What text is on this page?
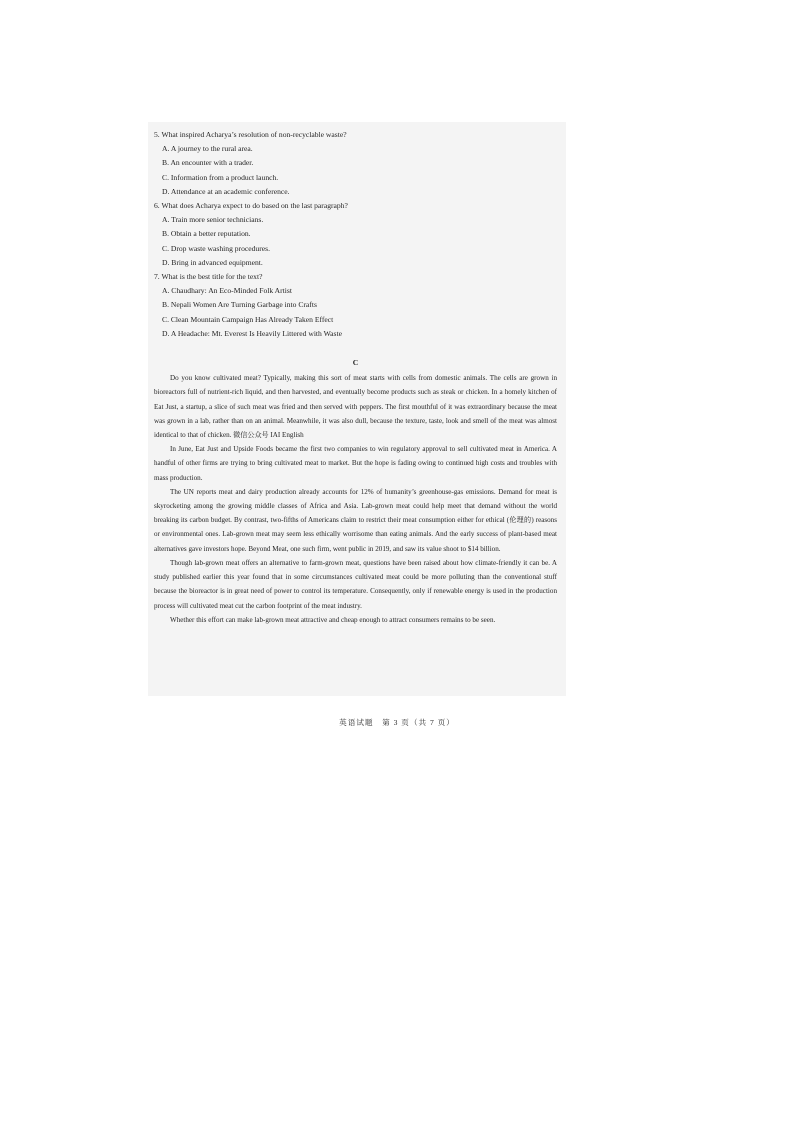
5. What inspired Acharya’s resolution of non-recyclable waste?

A. A journey to the rural area.

B. An encounter with a trader.

C. Information from a product launch.

D. Attendance at an academic conference.

6. What does Acharya expect to do based on the last paragraph?

A. Train more senior technicians.

B. Obtain a better reputation.

C. Drop waste washing procedures.

D. Bring in advanced equipment.

7. What is the best title for the text?

A. Chaudhary: An Eco-Minded Folk Artist

B. Nepali Women Are Turning Garbage into Crafts

C. Clean Mountain Campaign Has Already Taken Effect

D. A Headache: Mt. Everest Is Heavily Littered with Waste

C

Do you know cultivated meat? Typically, making this sort of meat starts with cells from domestic animals. The cells are grown in bioreactors full of nutrient-rich liquid, and then harvested, and eventually become products such as steak or chicken. In a homely kitchen of Eat Just, a startup, a slice of such meat was fried and then served with peppers. The first mouthful of it was extraordinary because the meat was grown in a lab, rather than on an animal. Meanwhile, it was also dull, because the texture, taste, look and smell of the meat was almost identical to that of chicken. 微信公众号 IAI English

In June, Eat Just and Upside Foods became the first two companies to win regulatory approval to sell cultivated meat in America. A handful of other firms are trying to bring cultivated meat to market. But the hope is fading owing to continued high costs and troubles with mass production.

The UN reports meat and dairy production already accounts for 12% of humanity’s greenhouse-gas emissions. Demand for meat is skyrocketing among the growing middle classes of Africa and Asia. Lab-grown meat could help meet that demand without the world breaking its carbon budget. By contrast, two-fifths of Americans claim to restrict their meat consumption either for ethical (伦理的) reasons or environmental ones. Lab-grown meat may seem less ethically worrisome than eating animals. And the early success of plant-based meat alternatives gave investors hope. Beyond Meat, one such firm, went public in 2019, and saw its value shoot to $14 billion.

Though lab-grown meat offers an alternative to farm-grown meat, questions have been raised about how climate-friendly it can be. A study published earlier this year found that in some circumstances cultivated meat could be more polluting than the conventional stuff because the bioreactor is in great need of power to control its temperature. Consequently, only if renewable energy is used in the production process will cultivated meat cut the carbon footprint of the meat industry.

Whether this effort can make lab-grown meat attractive and cheap enough to attract consumers remains to be seen.

英语试题　第 3 页（共 7 页）
